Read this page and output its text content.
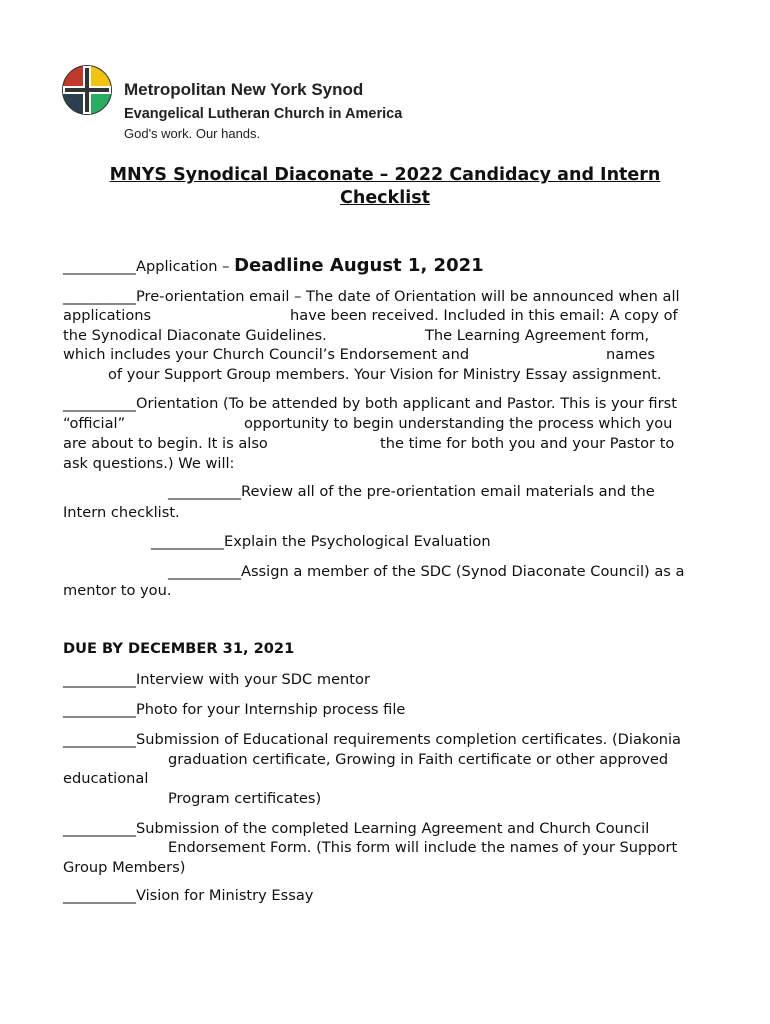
Metropolitan New York Synod
Evangelical Lutheran Church in America
God's work. Our hands.
MNYS Synodical Diaconate – 2022 Candidacy and Intern
Checklist
__________Application – Deadline August 1, 2021
__________Pre-orientation email – The date of Orientation will be announced when all
applications	have been received. Included in this email: A copy of
the Synodical Diaconate Guidelines.	The Learning Agreement form,
which includes your Church Council’s Endorsement and	names
of your Support Group members. Your Vision for Ministry Essay assignment.
__________Orientation (To be attended by both applicant and Pastor. This is your first
“official”	opportunity to begin understanding the process which you
are about to begin. It is also	the time for both you and your Pastor to
ask questions.) We will:
__________Review all of the pre-orientation email materials and the
Intern checklist.
__________Explain the Psychological Evaluation
__________Assign a member of the SDC (Synod Diaconate Council) as a
mentor to you.
DUE BY DECEMBER 31, 2021
__________Interview with your SDC mentor
__________Photo for your Internship process file
__________Submission of Educational requirements completion certificates. (Diakonia
graduation certificate, Growing in Faith certificate or other approved
educational
Program certificates)
__________Submission of the completed Learning Agreement and Church Council
Endorsement Form. (This form will include the names of your Support
Group Members)
__________Vision for Ministry Essay
